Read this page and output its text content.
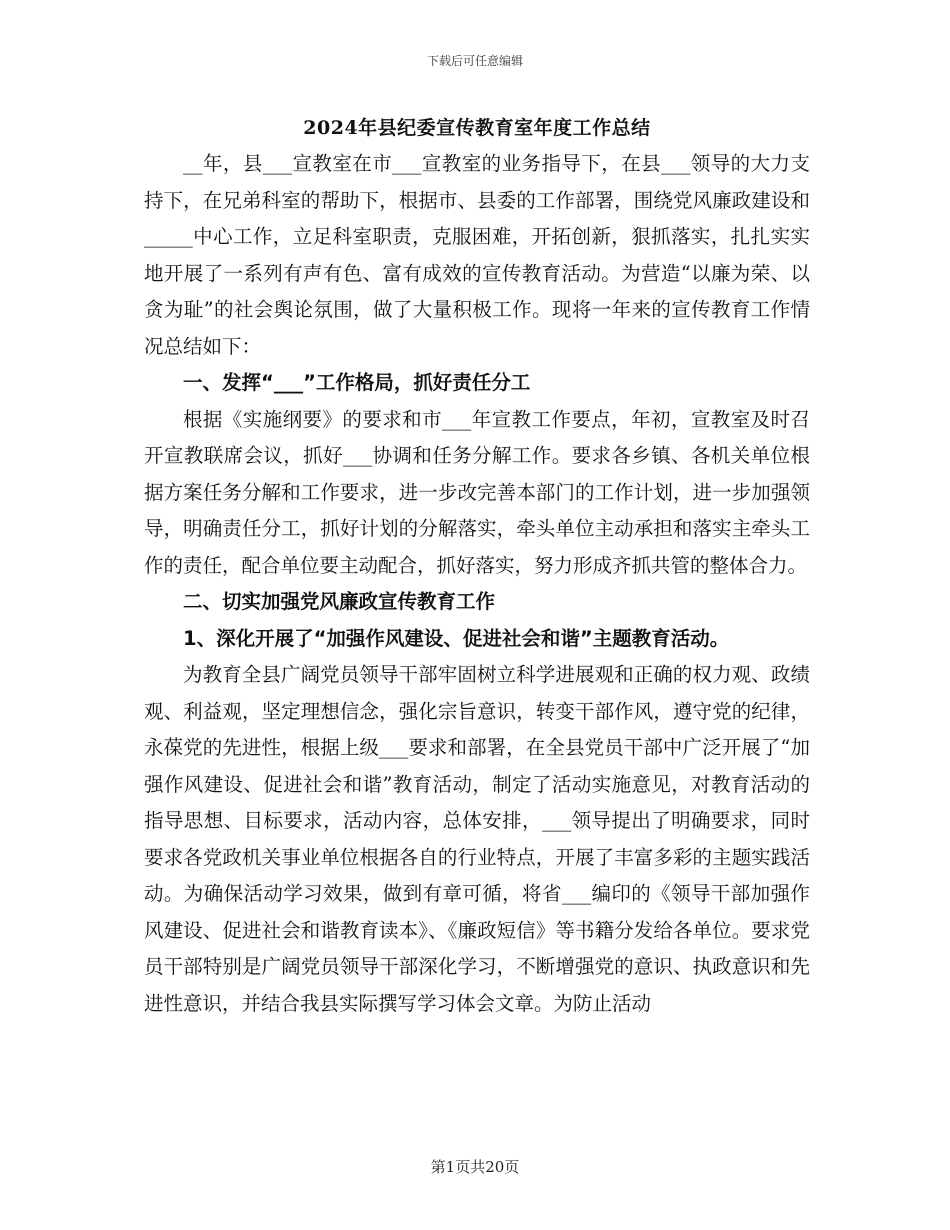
下载后可任意编辑
2024年县纪委宣传教育室年度工作总结

__年，县___宣教室在市___宣教室的业务指导下，在县___领导的大力支持下，在兄弟科室的帮助下，根据市、县委的工作部署，围绕党风廉政建设和_____中心工作，立足科室职责，克服困难，开拓创新，狠抓落实，扎扎实实地开展了一系列有声有色、富有成效的宣传教育活动。为营造“以廉为荣、以贪为耻”的社会舆论氛围，做了大量积极工作。现将一年来的宣传教育工作情况总结如下：

一、发挥“___”工作格局，抓好责任分工

根据《实施纲要》的要求和市___年宣教工作要点，年初，宣教室及时召开宣教联席会议，抓好___协调和任务分解工作。要求各乡镇、各机关单位根据方案任务分解和工作要求，进一步改完善本部门的工作计划，进一步加强领导，明确责任分工，抓好计划的分解落实，牵头单位主动承担和落实主牵头工作的责任，配合单位要主动配合，抓好落实，努力形成齐抓共管的整体合力。

二、切实加强党风廉政宣传教育工作

1、深化开展了“加强作风建设、促进社会和谐”主题教育活动。

为教育全县广阔党员领导干部牢固树立科学进展观和正确的权力观、政绩观、利益观，坚定理想信念，强化宗旨意识，转变干部作风，遵守党的纪律，永葆党的先进性，根据上级___要求和部署，在全县党员干部中广泛开展了“加强作风建设、促进社会和谐”教育活动，制定了活动实施意见，对教育活动的指导思想、目标要求，活动内容，总体安排，___领导提出了明确要求，同时要求各党政机关事业单位根据各自的行业特点，开展了丰富多彩的主题实践活动。为确保活动学习效果，做到有章可循，将省___编印的《领导干部加强作风建设、促进社会和谐教育读本》、《廉政短信》等书籍分发给各单位。要求党员干部特别是广阔党员领导干部深化学习，不断增强党的意识、执政意识和先进性意识，并结合我县实际撰写学习体会文章。为防止活动

第1页共20页
